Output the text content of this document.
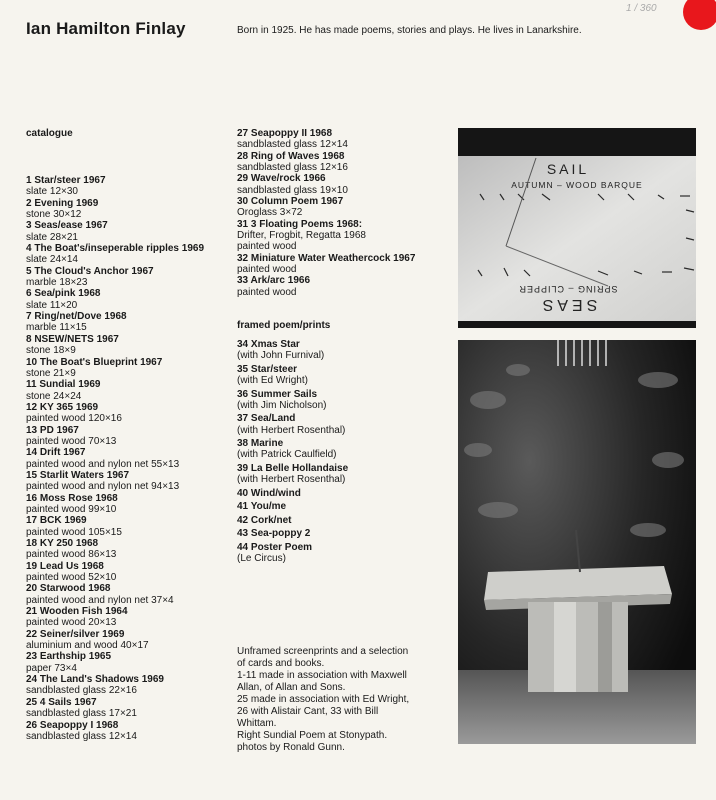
Ian Hamilton Finlay	Born in 1925. He has made poems, stories and plays. He lives in Lanarkshire.
1 / 360
catalogue
1 Star/steer 1967
slate 12×30
2 Evening 1969
stone 30×12
3 Seas/ease 1967
slate 28×21
4 The Boat's/inseperable ripples 1969
slate 24×14
5 The Cloud's Anchor 1967
marble 18×23
6 Sea/pink 1968
slate 11×20
7 Ring/net/Dove 1968
marble 11×15
8 NSEW/NETS 1967
stone 18×9
10 The Boat's Blueprint 1967
stone 21×9
11 Sundial 1969
stone 24×24
12 KY 365 1969
painted wood 120×16
13 PD 1967
painted wood 70×13
14 Drift 1967
painted wood and nylon net 55×13
15 Starlit Waters 1967
painted wood and nylon net 94×13
16 Moss Rose 1968
painted wood 99×10
17 BCK 1969
painted wood 105×15
18 KY 250 1968
painted wood 86×13
19 Lead Us 1968
painted wood 52×10
20 Starwood 1968
painted wood and nylon net 37×4
21 Wooden Fish 1964
painted wood 20×13
22 Seiner/silver 1969
aluminium and wood 40×17
23 Earthship 1965
paper 73×4
24 The Land's Shadows 1969
sandblasted glass 22×16
25 4 Sails 1967
sandblasted glass 17×21
26 Seapoppy I 1968
sandblasted glass 12×14
27 Seapoppy II 1968
sandblasted glass 12×14
28 Ring of Waves 1968
sandblasted glass 12×16
29 Wave/rock 1966
sandblasted glass 19×10
30 Column Poem 1967
Oroglass 3×72
31 3 Floating Poems 1968:
Drifter, Frogbit, Regatta 1968
painted wood
32 Miniature Water Weathercock 1967
painted wood
33 Ark/arc 1966
painted wood
framed poem/prints
34 Xmas Star
(with John Furnival)
35 Star/steer
(with Ed Wright)
36 Summer Sails
(with Jim Nicholson)
37 Sea/Land
(with Herbert Rosenthal)
38 Marine
(with Patrick Caulfield)
39 La Belle Hollandaise
(with Herbert Rosenthal)
40 Wind/wind
41 You/me
42 Cork/net
43 Sea-poppy 2
44 Poster Poem
(Le Circus)
Unframed screenprints and a selection
of cards and books.
1-11 made in association with Maxwell
Allan, of Allan and Sons.
25 made in association with Ed Wright,
26 with Alistair Cant, 33 with Bill
Whittam.
Right Sundial Poem at Stonypath.
photos by Ronald Gunn.
SAIL
AUTUMN – WOOD BARQUE
SPRING – CLIPPER
SEAS
